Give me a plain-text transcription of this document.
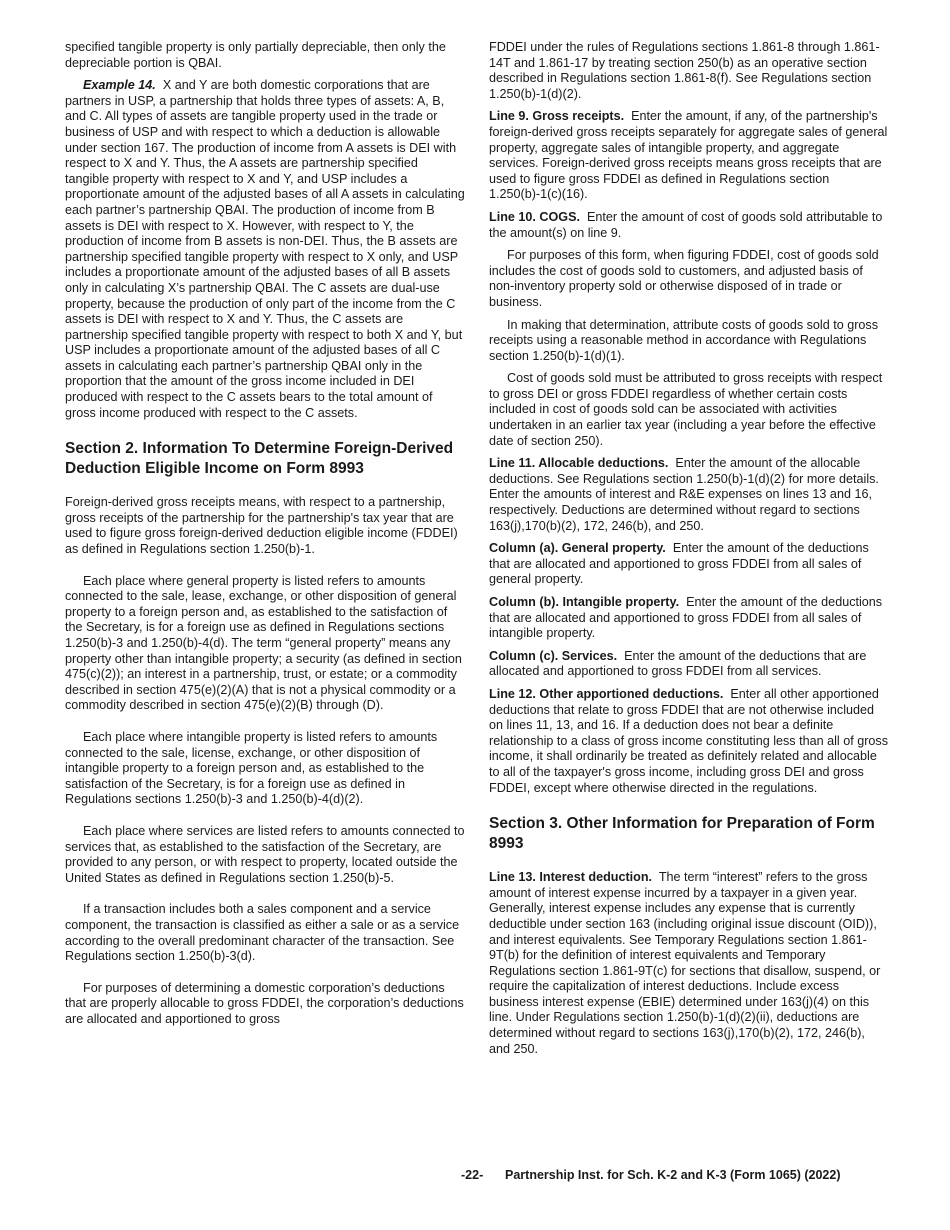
specified tangible property is only partially depreciable, then only the depreciable portion is QBAI.

Example 14. X and Y are both domestic corporations that are partners in USP, a partnership that holds three types of assets: A, B, and C. All types of assets are tangible property used in the trade or business of USP and with respect to which a deduction is allowable under section 167. The production of income from A assets is DEI with respect to X and Y. Thus, the A assets are partnership specified tangible property with respect to X and Y, and USP includes a proportionate amount of the adjusted bases of all A assets in calculating each partner’s partnership QBAI. The production of income from B assets is DEI with respect to X. However, with respect to Y, the production of income from B assets is non-DEI. Thus, the B assets are partnership specified tangible property with respect to X only, and USP includes a proportionate amount of the adjusted bases of all B assets only in calculating X’s partnership QBAI. The C assets are dual-use property, because the production of only part of the income from the C assets is DEI with respect to X and Y. Thus, the C assets are partnership specified tangible property with respect to both X and Y, but USP includes a proportionate amount of the adjusted bases of all C assets in calculating each partner’s partnership QBAI only in the proportion that the amount of the gross income included in DEI produced with respect to the C assets bears to the total amount of gross income produced with respect to the C assets.

Section 2. Information To Determine Foreign-Derived Deduction Eligible Income on Form 8993

Foreign-derived gross receipts means, with respect to a partnership, gross receipts of the partnership for the partnership's tax year that are used to figure gross foreign-derived deduction eligible income (FDDEI) as defined in Regulations section 1.250(b)-1.

Each place where general property is listed refers to amounts connected to the sale, lease, exchange, or other disposition of general property to a foreign person and, as established to the satisfaction of the Secretary, is for a foreign use as defined in Regulations sections 1.250(b)-3 and 1.250(b)-4(d). The term “general property” means any property other than intangible property; a security (as defined in section 475(c)(2)); an interest in a partnership, trust, or estate; or a commodity described in section 475(e)(2)(A) that is not a physical commodity or a commodity described in section 475(e)(2)(B) through (D).

Each place where intangible property is listed refers to amounts connected to the sale, license, exchange, or other disposition of intangible property to a foreign person and, as established to the satisfaction of the Secretary, is for a foreign use as defined in Regulations sections 1.250(b)-3 and 1.250(b)-4(d)(2).

Each place where services are listed refers to amounts connected to services that, as established to the satisfaction of the Secretary, are provided to any person, or with respect to property, located outside the United States as defined in Regulations section 1.250(b)-5.

If a transaction includes both a sales component and a service component, the transaction is classified as either a sale or as a service according to the overall predominant character of the transaction. See Regulations section 1.250(b)-3(d).

For purposes of determining a domestic corporation’s deductions that are properly allocable to gross FDDEI, the corporation’s deductions are allocated and apportioned to gross

FDDEI under the rules of Regulations sections 1.861-8 through 1.861-14T and 1.861-17 by treating section 250(b) as an operative section described in Regulations section 1.861-8(f). See Regulations section 1.250(b)-1(d)(2).

Line 9. Gross receipts. Enter the amount, if any, of the partnership's foreign-derived gross receipts separately for aggregate sales of general property, aggregate sales of intangible property, and aggregate services. Foreign-derived gross receipts means gross receipts that are used to figure gross FDDEI as defined in Regulations section 1.250(b)-1(c)(16).

Line 10. COGS. Enter the amount of cost of goods sold attributable to the amount(s) on line 9.

For purposes of this form, when figuring FDDEI, cost of goods sold includes the cost of goods sold to customers, and adjusted basis of non-inventory property sold or otherwise disposed of in trade or business.

In making that determination, attribute costs of goods sold to gross receipts using a reasonable method in accordance with Regulations section 1.250(b)-1(d)(1).

Cost of goods sold must be attributed to gross receipts with respect to gross DEI or gross FDDEI regardless of whether certain costs included in cost of goods sold can be associated with activities undertaken in an earlier tax year (including a year before the effective date of section 250).

Line 11. Allocable deductions. Enter the amount of the allocable deductions. See Regulations section 1.250(b)-1(d)(2) for more details. Enter the amounts of interest and R&E expenses on lines 13 and 16, respectively. Deductions are determined without regard to sections 163(j),170(b)(2), 172, 246(b), and 250.

Column (a). General property. Enter the amount of the deductions that are allocated and apportioned to gross FDDEI from all sales of general property.

Column (b). Intangible property. Enter the amount of the deductions that are allocated and apportioned to gross FDDEI from all sales of intangible property.

Column (c). Services. Enter the amount of the deductions that are allocated and apportioned to gross FDDEI from all services.

Line 12. Other apportioned deductions. Enter all other apportioned deductions that relate to gross FDDEI that are not otherwise included on lines 11, 13, and 16. If a deduction does not bear a definite relationship to a class of gross income constituting less than all of gross income, it shall ordinarily be treated as definitely related and allocable to all of the taxpayer's gross income, including gross DEI and gross FDDEI, except where otherwise directed in the regulations.

Section 3. Other Information for Preparation of Form 8993

Line 13. Interest deduction. The term “interest” refers to the gross amount of interest expense incurred by a taxpayer in a given year. Generally, interest expense includes any expense that is currently deductible under section 163 (including original issue discount (OID)), and interest equivalents. See Temporary Regulations section 1.861-9T(b) for the definition of interest equivalents and Temporary Regulations section 1.861-9T(c) for sections that disallow, suspend, or require the capitalization of interest deductions. Include excess business interest expense (EBIE) determined under 163(j)(4) on this line. Under Regulations section 1.250(b)-1(d)(2)(ii), deductions are determined without regard to sections 163(j),170(b)(2), 172, 246(b), and 250.

-22- Partnership Inst. for Sch. K-2 and K-3 (Form 1065) (2022)
